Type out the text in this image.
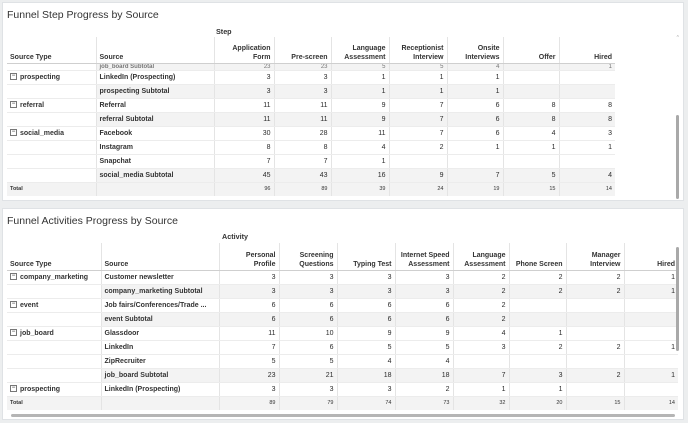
Funnel Step Progress by Source
Step
ˆ
Source Type	Source	Application Form	Pre-screen	Language Assessment	Receptionist Interview	Onsite Interviews	Offer	Hired
	job_board Subtotal	23	23	5	5	4		1
− prospecting	LinkedIn (Prospecting)	3	3	1	1	1		
	prospecting Subtotal	3	3	1	1	1		
− referral	Referral	11	11	9	7	6	8	8
	referral Subtotal	11	11	9	7	6	8	8
− social_media	Facebook	30	28	11	7	6	4	3
	Instagram	8	8	4	2	1	1	1
	Snapchat	7	7	1				
	social_media Subtotal	45	43	16	9	7	5	4
Total		96	89	39	24	19	15	14
Funnel Activities Progress by Source
Activity
Source Type	Source	Personal Profile	Screening Questions	Typing Test	Internet Speed Assessment	Language Assessment	Phone Screen	Manager Interview	Hired
− company_marketing	Customer newsletter	3	3	3	3	2	2	2	1
	company_marketing Subtotal	3	3	3	3	2	2	2	1
− event	Job fairs/Conferences/Trade ...	6	6	6	6	2			
	event Subtotal	6	6	6	6	2			
− job_board	Glassdoor	11	10	9	9	4	1		
	LinkedIn	7	6	5	5	3	2	2	1
	ZipRecruiter	5	5	4	4				
	job_board Subtotal	23	21	18	18	7	3	2	1
− prospecting	LinkedIn (Prospecting)	3	3	3	2	1	1		
Total		89	79	74	73	32	20	15	14
